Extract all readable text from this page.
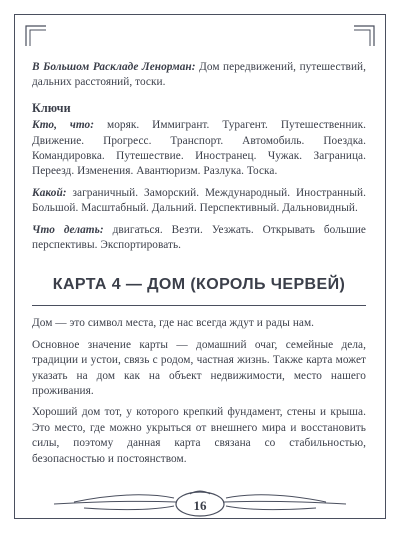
В Большом Раскладе Ленорман: Дом передвижений, путешествий, дальних расстояний, тоски.

Ключи

Кто, что: моряк. Иммигрант. Турагент. Путешественник. Движение. Прогресс. Транспорт. Автомобиль. Поездка. Командировка. Путешествие. Иностранец. Чужак. Заграница. Переезд. Изменения. Авантюризм. Разлука. Тоска.

Какой: заграничный. Заморский. Международный. Иностранный. Большой. Масштабный. Дальний. Перспективный. Дальновидный.

Что делать: двигаться. Везти. Уезжать. Открывать большие перспективы. Экспортировать.

КАРТА 4 — ДОМ (КОРОЛЬ ЧЕРВЕЙ)

Дом — это символ места, где нас всегда ждут и рады нам.

Основное значение карты — домашний очаг, семейные дела, традиции и устои, связь с родом, частная жизнь. Также карта может указать на дом как на объект недвижимости, место нашего проживания.

Хороший дом тот, у которого крепкий фундамент, стены и крыша. Это место, где можно укрыться от внешнего мира и восстановить силы, поэтому данная карта связана со стабильностью, безопасностью и постоянством.

16
